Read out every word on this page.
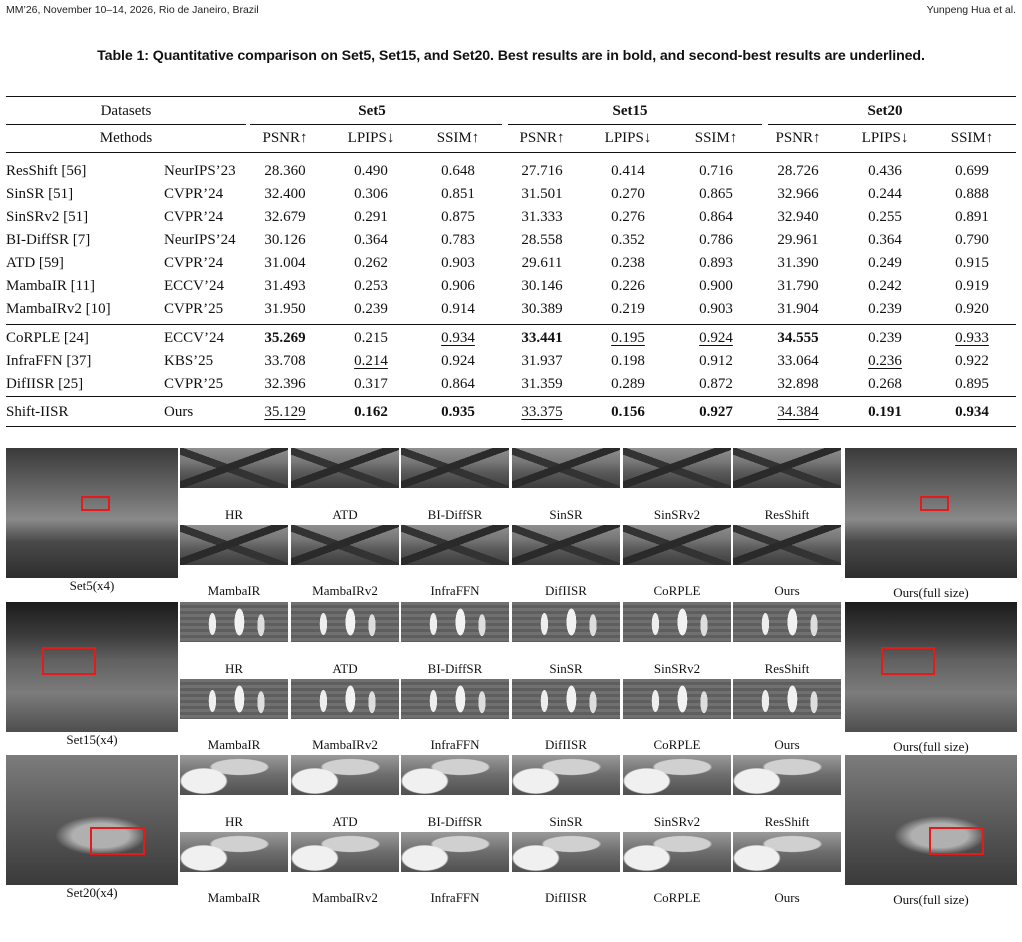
MM’26, November 10–14, 2026, Rio de Janeiro, Brazil	Yunpeng Hua et al.
Table 1: Quantitative comparison on Set5, Set15, and Set20. Best results are in bold, and second-best results are underlined.
Datasets	Set5	Set15	Set20
Methods	PSNR↑	LPIPS↓	SSIM↑	PSNR↑	LPIPS↓	SSIM↑	PSNR↑	LPIPS↓	SSIM↑
ResShift [56]	NeurIPS’23	28.360	0.490	0.648	27.716	0.414	0.716	28.726	0.436	0.699
SinSR [51]	CVPR’24	32.400	0.306	0.851	31.501	0.270	0.865	32.966	0.244	0.888
SinSRv2 [51]	CVPR’24	32.679	0.291	0.875	31.333	0.276	0.864	32.940	0.255	0.891
BI-DiffSR [7]	NeurIPS’24	30.126	0.364	0.783	28.558	0.352	0.786	29.961	0.364	0.790
ATD [59]	CVPR’24	31.004	0.262	0.903	29.611	0.238	0.893	31.390	0.249	0.915
MambaIR [11]	ECCV’24	31.493	0.253	0.906	30.146	0.226	0.900	31.790	0.242	0.919
MambaIRv2 [10]	CVPR’25	31.950	0.239	0.914	30.389	0.219	0.903	31.904	0.239	0.920
CoRPLE [24]	ECCV’24	35.269	0.215	0.934	33.441	0.195	0.924	34.555	0.239	0.933
InfraFFN [37]	KBS’25	33.708	0.214	0.924	31.937	0.198	0.912	33.064	0.236	0.922
DifIISR [25]	CVPR’25	32.396	0.317	0.864	31.359	0.289	0.872	32.898	0.268	0.895
Shift-IISR	Ours	35.129	0.162	0.935	33.375	0.156	0.927	34.384	0.191	0.934
Set5(x4)	Ours(full size)
HR
MambaIR
ATD
MambaIRv2
BI-DiffSR
InfraFFN
SinSR
DifIISR
SinSRv2
CoRPLE
ResShift
Ours
Set15(x4)	Ours(full size)
HR
MambaIR
ATD
MambaIRv2
BI-DiffSR
InfraFFN
SinSR
DifIISR
SinSRv2
CoRPLE
ResShift
Ours
Set20(x4)	Ours(full size)
HR
MambaIR
ATD
MambaIRv2
BI-DiffSR
InfraFFN
SinSR
DifIISR
SinSRv2
CoRPLE
ResShift
Ours
